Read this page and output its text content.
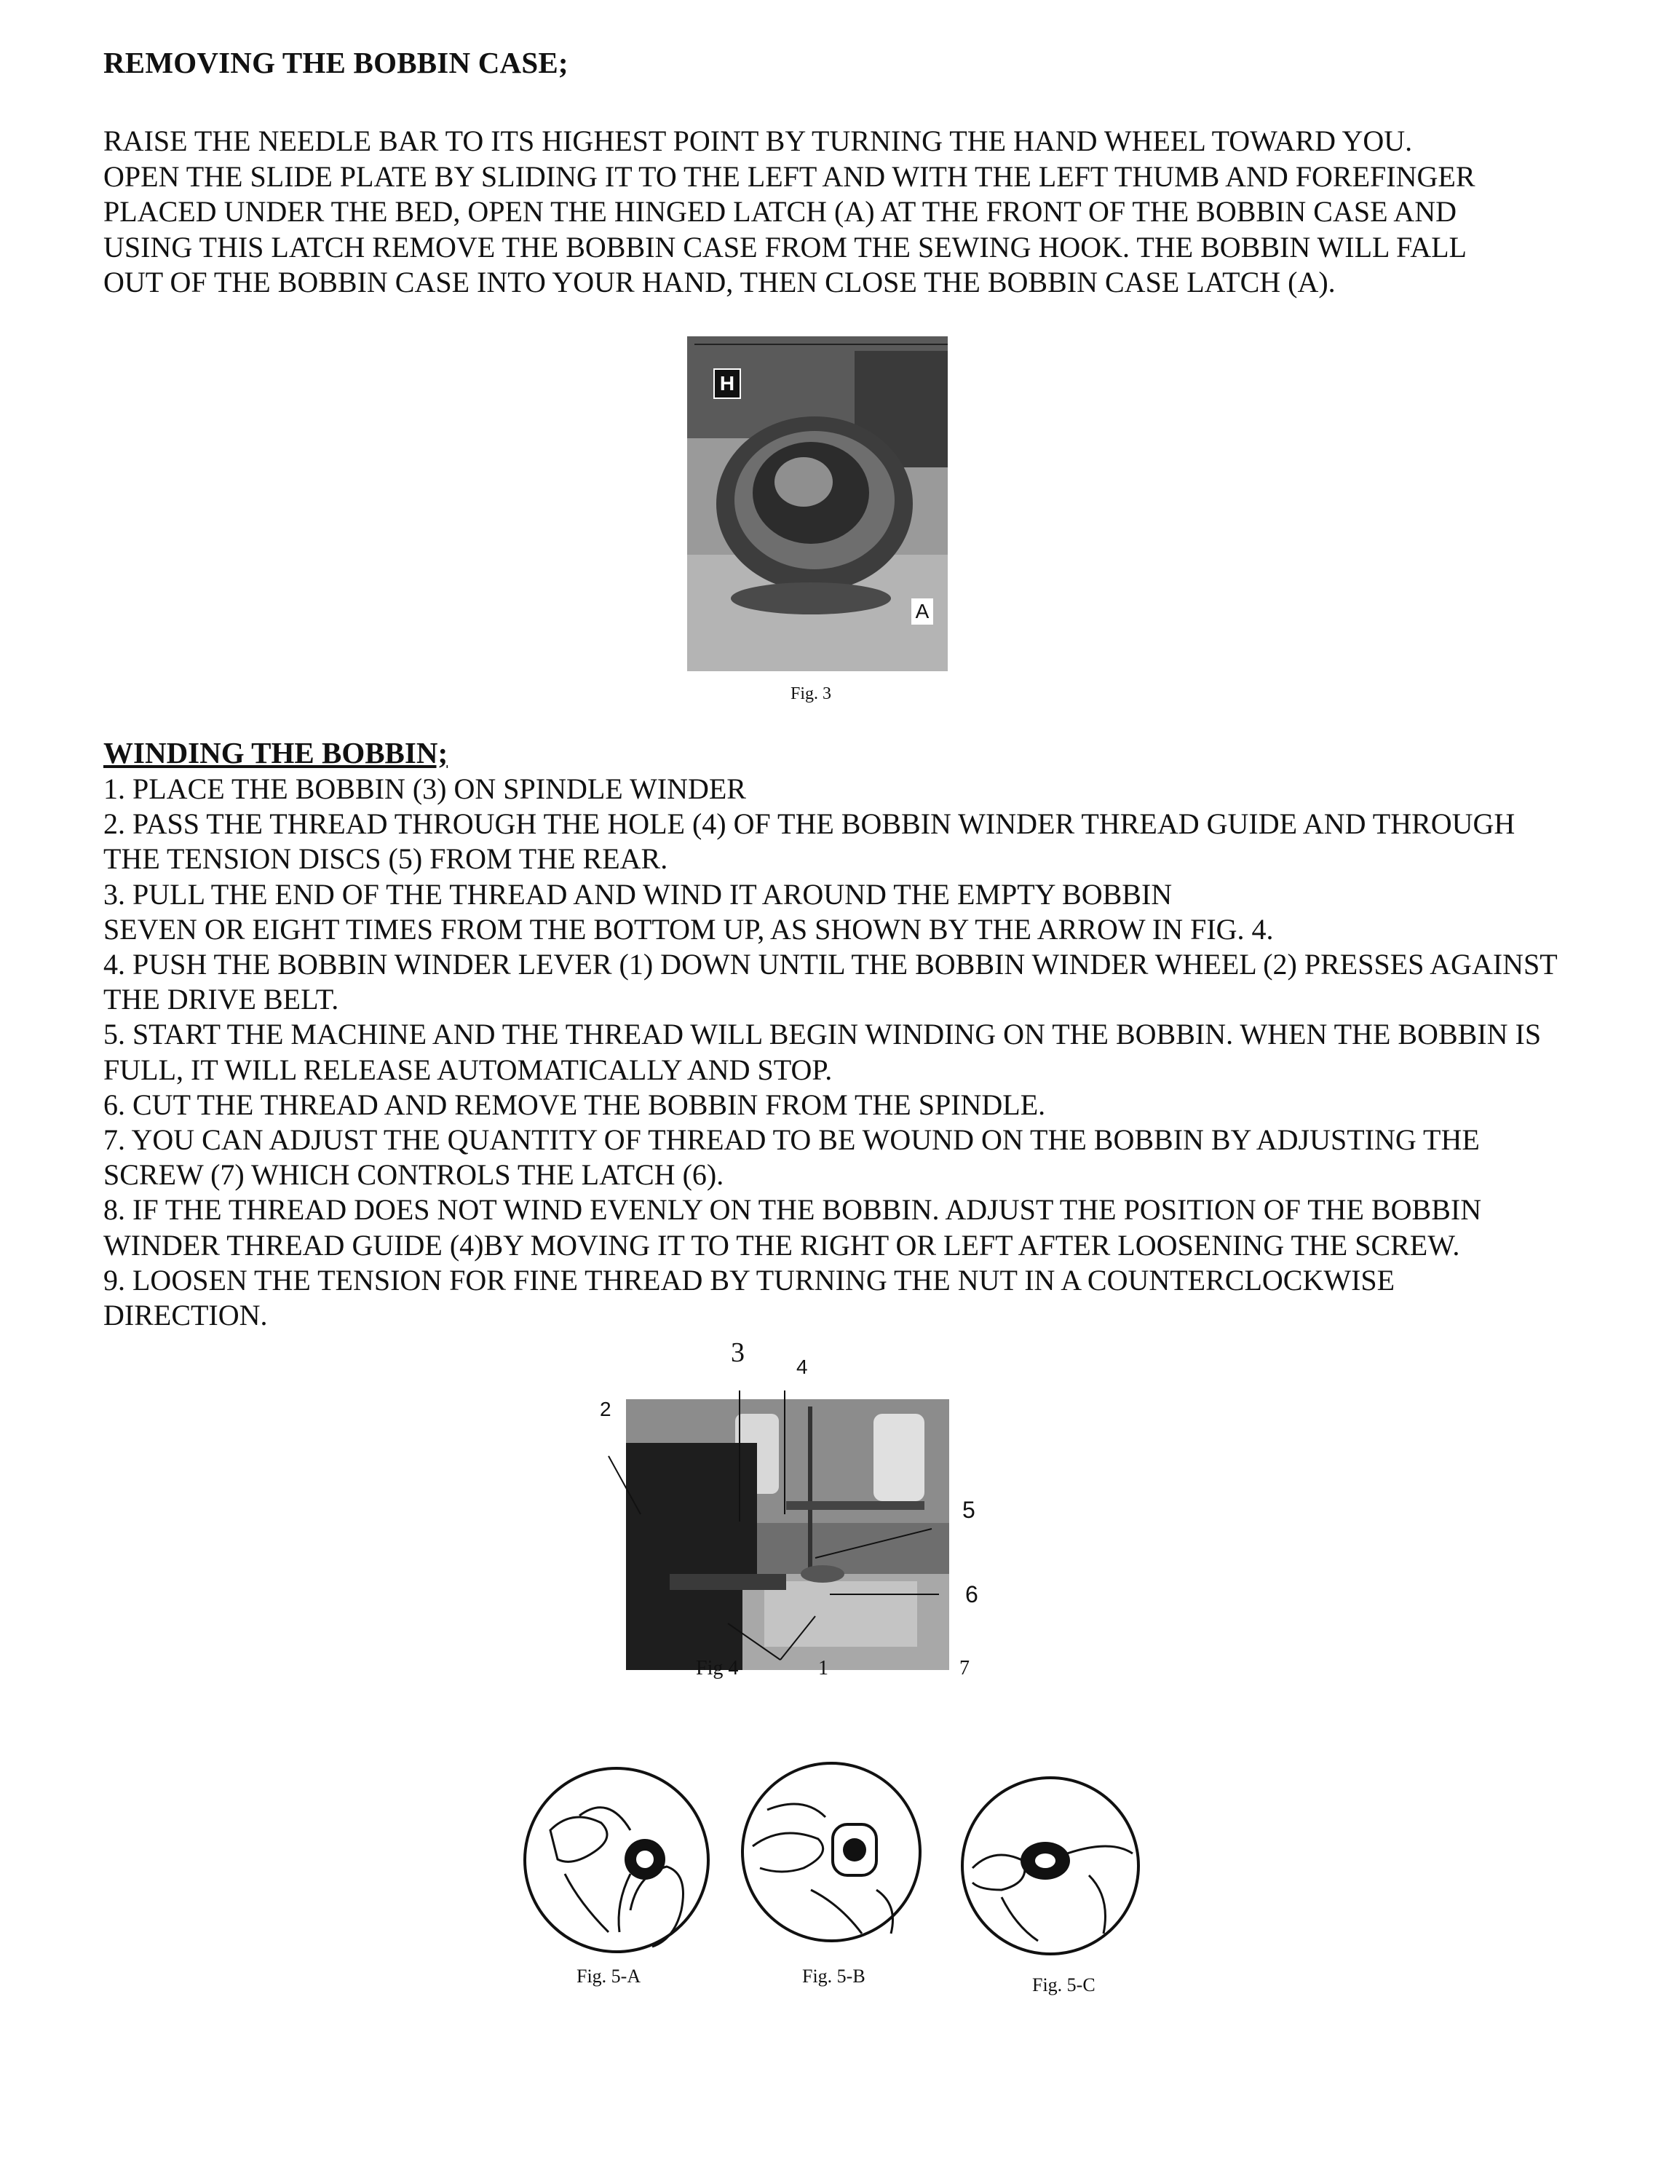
REMOVING THE BOBBIN CASE;
RAISE THE NEEDLE BAR TO ITS HIGHEST POINT BY TURNING THE HAND WHEEL TOWARD YOU.
OPEN THE SLIDE PLATE BY SLIDING IT TO THE LEFT AND WITH THE LEFT THUMB AND FOREFINGER
PLACED UNDER THE BED, OPEN THE HINGED LATCH (A) AT THE FRONT OF THE BOBBIN CASE AND
USING THIS LATCH REMOVE THE BOBBIN CASE FROM THE SEWING HOOK. THE BOBBIN WILL FALL
OUT OF THE BOBBIN CASE INTO YOUR HAND, THEN CLOSE THE BOBBIN CASE LATCH (A).
H
A
Fig. 3
WINDING THE BOBBIN;
1. PLACE THE BOBBIN (3) ON SPINDLE WINDER
2. PASS THE THREAD THROUGH THE HOLE (4) OF THE BOBBIN WINDER THREAD GUIDE AND THROUGH
THE TENSION DISCS (5) FROM THE REAR.
3. PULL THE END OF THE THREAD AND WIND IT AROUND THE EMPTY BOBBIN
SEVEN OR EIGHT TIMES FROM THE BOTTOM UP, AS SHOWN BY THE ARROW IN FIG. 4.
4. PUSH THE BOBBIN WINDER LEVER (1) DOWN UNTIL THE BOBBIN WINDER WHEEL (2) PRESSES AGAINST
THE DRIVE BELT.
5. START THE MACHINE AND THE THREAD WILL BEGIN WINDING ON THE BOBBIN. WHEN THE BOBBIN IS
FULL, IT WILL RELEASE AUTOMATICALLY AND STOP.
6. CUT THE THREAD AND REMOVE THE BOBBIN FROM THE SPINDLE.
7. YOU CAN ADJUST THE QUANTITY OF THREAD TO BE WOUND ON THE BOBBIN BY ADJUSTING THE
SCREW (7) WHICH CONTROLS THE LATCH (6).
8. IF THE THREAD DOES NOT WIND EVENLY ON THE BOBBIN. ADJUST THE POSITION OF THE BOBBIN
WINDER THREAD GUIDE (4)BY MOVING IT TO THE RIGHT OR LEFT AFTER LOOSENING THE SCREW.
9. LOOSEN THE TENSION FOR FINE THREAD BY TURNING THE NUT IN A COUNTERCLOCKWISE
DIRECTION.
3	4
2
5
6
1	7
Fig 4
Fig. 5-A	Fig. 5-B	Fig. 5-C
